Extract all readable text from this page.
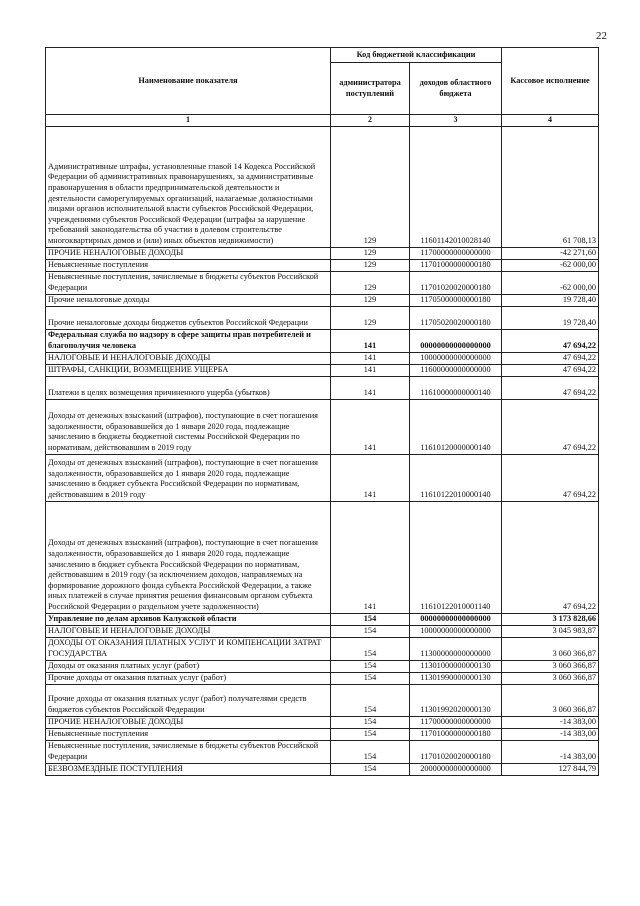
22
Наименование показателя	Код бюджетной классификации		Кассовое исполнение
	администратора поступлений	доходов областного бюджета	
1	2	3	4
Административные штрафы, установленные главой 14 Кодекса Российской Федерации об административных правонарушениях, за административные правонарушения в области предпринимательской деятельности и деятельности саморегулируемых организаций, налагаемые должностными лицами органов исполнительной власти субъектов Российской Федерации, учреждениями субъектов Российской Федерации (штрафы за нарушение требований законодательства об участии в долевом строительстве многоквартирных домов и (или) иных объектов недвижимости)	129	11601142010028140	61 708,13
ПРОЧИЕ НЕНАЛОГОВЫЕ ДОХОДЫ	129	11700000000000000	-42 271,60
Невыясненные поступления	129	11701000000000180	-62 000,00
Невыясненные поступления, зачисляемые в бюджеты субъектов Российской Федерации	129	11701020020000180	-62 000,00
Прочие неналоговые доходы	129	11705000000000180	19 728,40
Прочие неналоговые доходы бюджетов субъектов Российской Федерации	129	11705020020000180	19 728,40
Федеральная служба по надзору в сфере защиты прав потребителей и благополучия человека	141	00000000000000000	47 694,22
НАЛОГОВЫЕ И НЕНАЛОГОВЫЕ ДОХОДЫ	141	10000000000000000	47 694,22
ШТРАФЫ, САНКЦИИ, ВОЗМЕЩЕНИЕ УЩЕРБА	141	11600000000000000	47 694,22
Платежи в целях возмещения причиненного ущерба (убытков)	141	11610000000000140	47 694,22
Доходы от денежных взысканий (штрафов), поступающие в счет погашения задолженности, образовавшейся до 1 января 2020 года, подлежащие зачислению в бюджеты бюджетной системы Российской Федерации по нормативам, действовавшим в 2019 году	141	11610120000000140	47 694,22
Доходы от денежных взысканий (штрафов), поступающие в счет погашения задолженности, образовавшейся до 1 января 2020 года, подлежащие зачислению в бюджет субъекта Российской Федерации по нормативам, действовавшим в 2019 году	141	11610122010000140	47 694,22
Доходы от денежных взысканий (штрафов), поступающие в счет погашения задолженности, образовавшейся до 1 января 2020 года, подлежащие зачислению в бюджет субъекта Российской Федерации по нормативам, действовавшим в 2019 году (за исключением доходов, направляемых на формирование дорожного фонда субъекта Российской Федерации, а также иных платежей в случае принятия решения финансовым органом субъекта Российской Федерации о раздельном учете задолженности)	141	11610122010001140	47 694,22
Управление по делам архивов Калужской области	154	00000000000000000	3 173 828,66
НАЛОГОВЫЕ И НЕНАЛОГОВЫЕ ДОХОДЫ	154	10000000000000000	3 045 983,87
ДОХОДЫ ОТ ОКАЗАНИЯ ПЛАТНЫХ УСЛУГ И КОМПЕНСАЦИИ ЗАТРАТ ГОСУДАРСТВА	154	11300000000000000	3 060 366,87
Доходы от оказания платных услуг (работ)	154	11301000000000130	3 060 366,87
Прочие доходы от оказания платных услуг (работ)	154	11301990000000130	3 060 366,87
Прочие доходы от оказания платных услуг (работ) получателями средств бюджетов субъектов Российской Федерации	154	11301992020000130	3 060 366,87
ПРОЧИЕ НЕНАЛОГОВЫЕ ДОХОДЫ	154	11700000000000000	-14 383,00
Невыясненные поступления	154	11701000000000180	-14 383,00
Невыясненные поступления, зачисляемые в бюджеты субъектов Российской Федерации	154	11701020020000180	-14 383,00
БЕЗВОЗМЕЗДНЫЕ ПОСТУПЛЕНИЯ	154	20000000000000000	127 844,79
